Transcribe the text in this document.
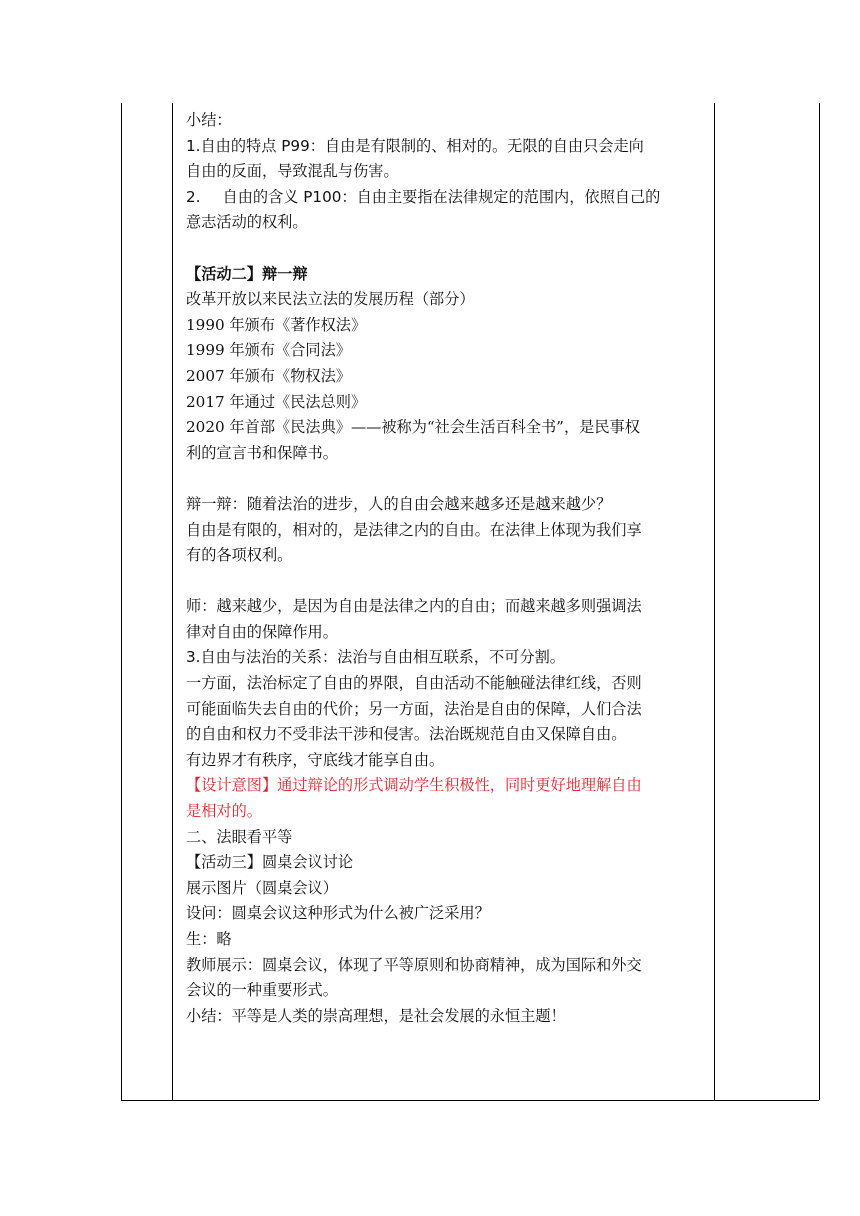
小结：
1.自由的特点 P99：自由是有限制的、相对的。无限的自由只会走向
自由的反面，导致混乱与伤害。
2. 自由的含义 P100：自由主要指在法律规定的范围内，依照自己的
意志活动的权利。
【活动二】辩一辩
改革开放以来民法立法的发展历程（部分）
1990 年颁布《著作权法》
1999 年颁布《合同法》
2007 年颁布《物权法》
2017 年通过《民法总则》
2020 年首部《民法典》——被称为“社会生活百科全书”，是民事权
利的宣言书和保障书。
辩一辩：随着法治的进步，人的自由会越来越多还是越来越少？
自由是有限的，相对的，是法律之内的自由。在法律上体现为我们享
有的各项权利。
师：越来越少，是因为自由是法律之内的自由；而越来越多则强调法
律对自由的保障作用。
3.自由与法治的关系：法治与自由相互联系，不可分割。
一方面，法治标定了自由的界限，自由活动不能触碰法律红线，否则
可能面临失去自由的代价；另一方面，法治是自由的保障，人们合法
的自由和权力不受非法干涉和侵害。法治既规范自由又保障自由。
有边界才有秩序，守底线才能享自由。
【设计意图】通过辩论的形式调动学生积极性，同时更好地理解自由
是相对的。
二、法眼看平等
【活动三】圆桌会议讨论
展示图片（圆桌会议）
设问：圆桌会议这种形式为什么被广泛采用？
生：略
教师展示：圆桌会议，体现了平等原则和协商精神，成为国际和外交
会议的一种重要形式。
小结：平等是人类的崇高理想，是社会发展的永恒主题！
